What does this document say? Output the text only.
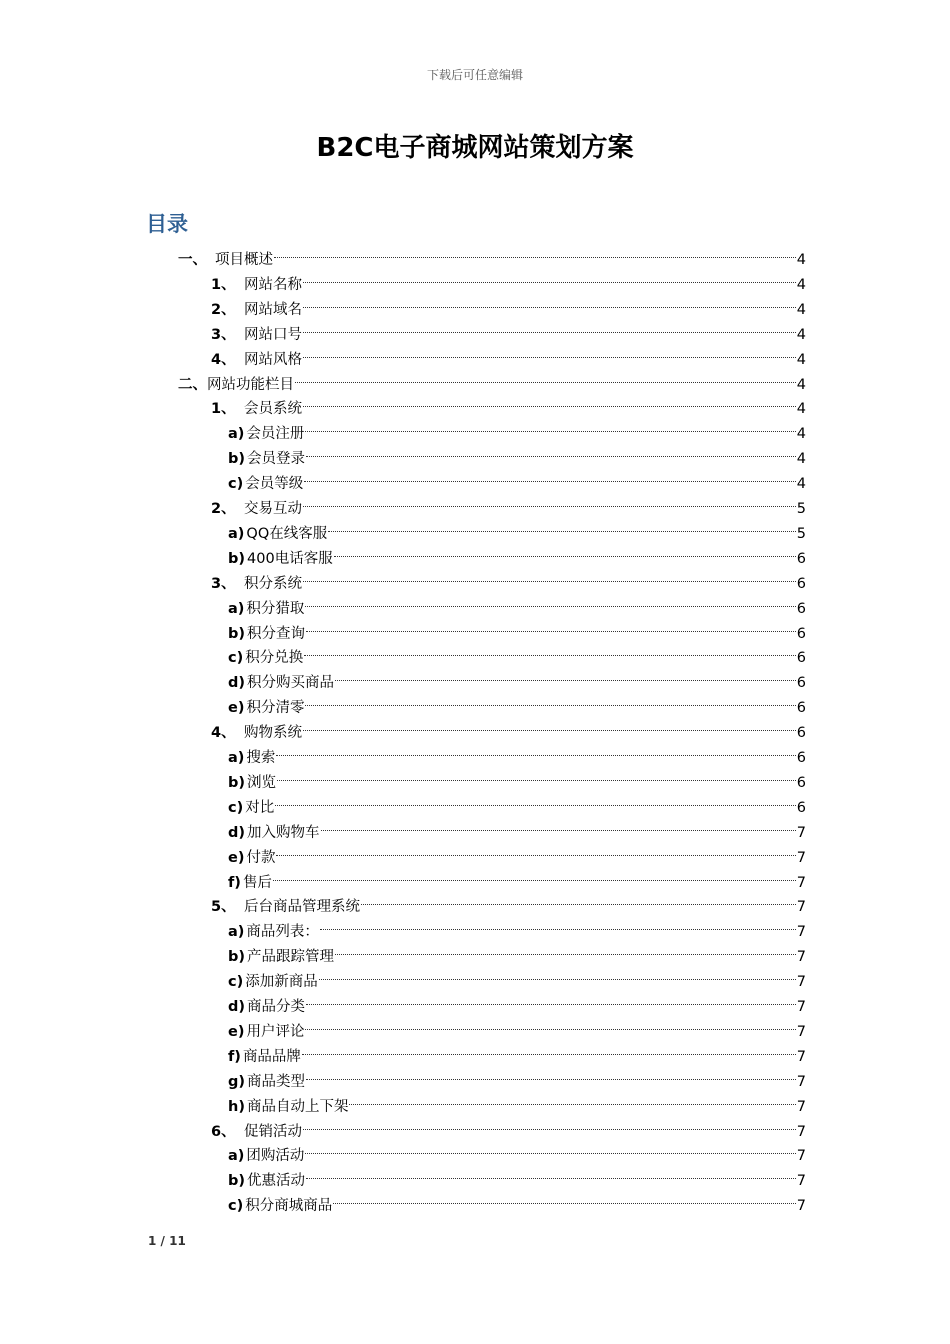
下载后可任意编辑
B2C电子商城网站策划方案
目录
一、 项目概述	4
1、 网站名称	4
2、 网站域名	4
3、 网站口号	4
4、 网站风格	4
二、 网站功能栏目	4
1、 会员系统	4
a) 会员注册	4
b) 会员登录	4
c) 会员等级	4
2、 交易互动	5
a) QQ在线客服	5
b) 400电话客服	6
3、 积分系统	6
a) 积分猎取	6
b) 积分查询	6
c) 积分兑换	6
d) 积分购买商品	6
e) 积分清零	6
4、 购物系统	6
a) 搜索	6
b) 浏览	6
c) 对比	6
d) 加入购物车	7
e) 付款	7
f) 售后	7
5、 后台商品管理系统	7
a) 商品列表：	7
b) 产品跟踪管理	7
c) 添加新商品	7
d) 商品分类	7
e) 用户评论	7
f) 商品品牌	7
g) 商品类型	7
h) 商品自动上下架	7
6、 促销活动	7
a) 团购活动	7
b) 优惠活动	7
c) 积分商城商品	7
1 / 11
